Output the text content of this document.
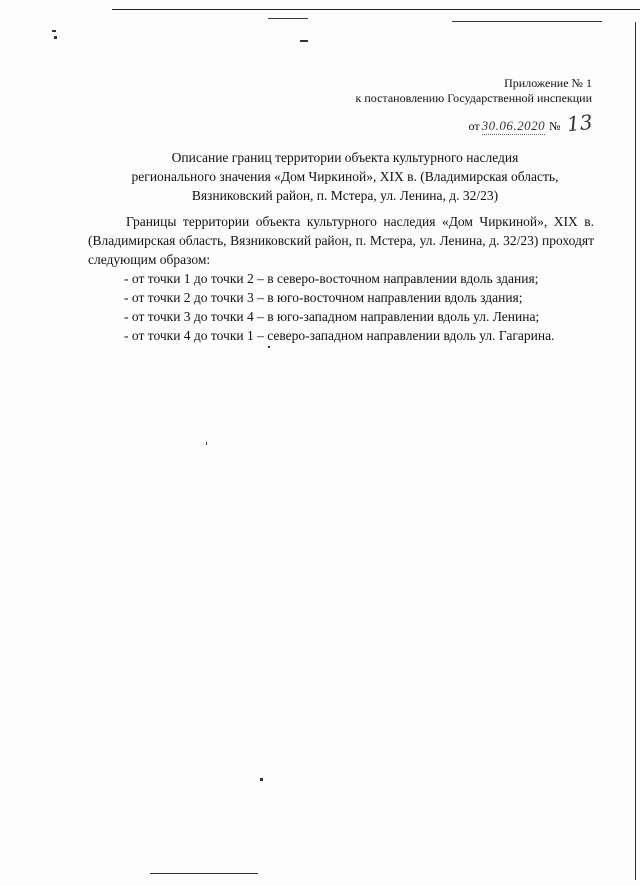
Приложение № 1
к постановлению Государственной инспекции
от 30.06.2020 № 13
Описание границ территории объекта культурного наследия
регионального значения «Дом Чиркиной», XIX в. (Владимирская область,
Вязниковский район, п. Мстера, ул. Ленина, д. 32/23)

Границы территории объекта культурного наследия «Дом Чиркиной», XIX в. (Владимирская область, Вязниковский район, п. Мстера, ул. Ленина, д. 32/23) проходят следующим образом:

- от точки 1 до точки 2 – в северо-восточном направлении вдоль здания;
- от точки 2 до точки 3 – в юго-восточном направлении вдоль здания;
- от точки 3 до точки 4 – в юго-западном направлении вдоль ул. Ленина;
- от точки 4 до точки 1 – северо-западном направлении вдоль ул. Гагарина.
